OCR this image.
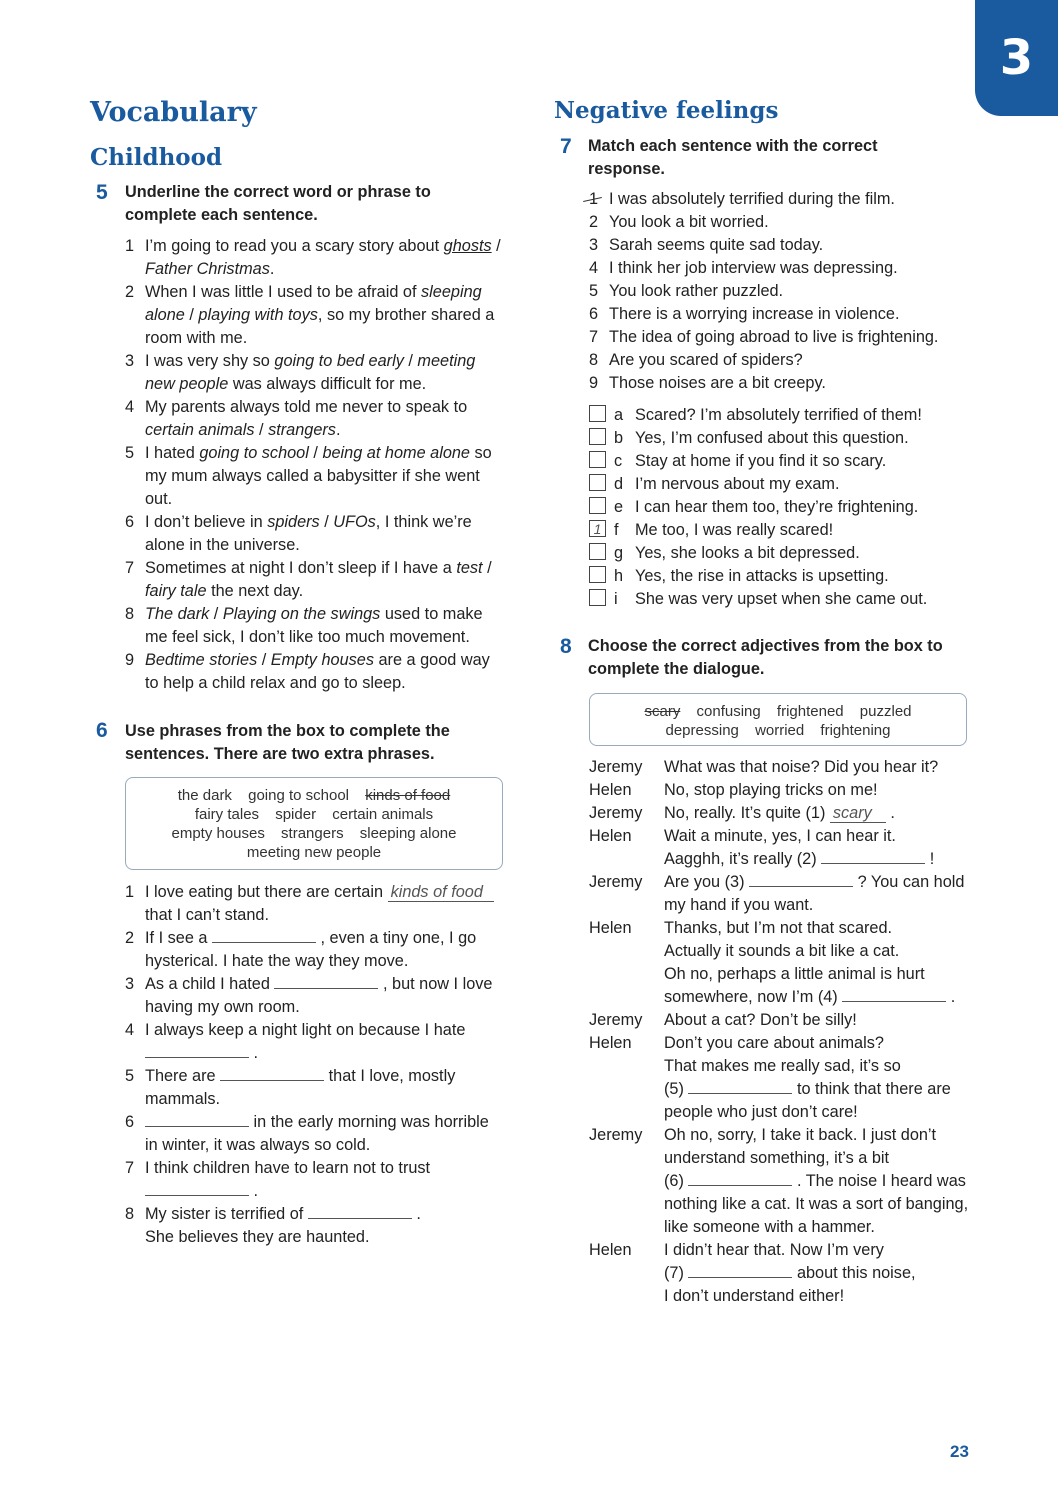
3
Vocabulary
Childhood
5 Underline the correct word or phrase to complete each sentence.

1 I’m going to read you a scary story about ghosts / Father Christmas.
2 When I was little I used to be afraid of sleeping alone / playing with toys, so my brother shared a room with me.
3 I was very shy so going to bed early / meeting new people was always difficult for me.
4 My parents always told me never to speak to certain animals / strangers.
5 I hated going to school / being at home alone so my mum always called a babysitter if she went out.
6 I don’t believe in spiders / UFOs, I think we’re alone in the universe.
7 Sometimes at night I don’t sleep if I have a test / fairy tale the next day.
8 The dark / Playing on the swings used to make me feel sick, I don’t like too much movement.
9 Bedtime stories / Empty houses are a good way to help a child relax and go to sleep.
6 Use phrases from the box to complete the sentences. There are two extra phrases.

the dark going to school kinds of food fairy tales spider certain animals empty houses strangers sleeping alone meeting new people
1 I love eating but there are certain kinds of food that I can’t stand.
2 If I see a	, even a tiny one, I go hysterical. I hate the way they move.
3 As a child I hated	, but now I love having my own room.
4 I always keep a night light on because I hate
.
5 There are	that I love, mostly mammals.
6	in the early morning was horrible in winter, it was always so cold.
7 I think children have to learn not to trust
.
8 My sister is terrified of	.
She believes they are haunted.
Negative feelings
7 Match each sentence with the correct response.

1 I was absolutely terrified during the film.
2 You look a bit worried.
3 Sarah seems quite sad today.
4 I think her job interview was depressing.
5 You look rather puzzled.
6 There is a worrying increase in violence.
7 The idea of going abroad to live is frightening.
8 Are you scared of spiders?
9 Those noises are a bit creepy.
a Scared? I’m absolutely terrified of them!
b Yes, I’m confused about this question.
c Stay at home if you find it so scary.
d I’m nervous about my exam.
e I can hear them too, they’re frightening.
1 f Me too, I was really scared!
g Yes, she looks a bit depressed.
h Yes, the rise in attacks is upsetting.
i She was very upset when she came out.
8 Choose the correct adjectives from the box to complete the dialogue.

scary confusing frightened puzzled depressing worried frightening
Jeremy	What was that noise? Did you hear it?
Helen	No, stop playing tricks on me!
Jeremy	No, really. It’s quite (1) scary .
Helen	Wait a minute, yes, I can hear it.
Aagghh, it’s really (2) !
Jeremy	Are you (3) ? You can hold my hand if you want.
Helen	Thanks, but I’m not that scared.
Actually it sounds a bit like a cat.
Oh no, perhaps a little animal is hurt somewhere, now I’m (4) .
Jeremy	About a cat? Don’t be silly!
Helen	Don’t you care about animals?
That makes me really sad, it’s so
(5) to think that there are people who just don’t care!
Jeremy	Oh no, sorry, I take it back. I just don’t understand something, it’s a bit
(6) . The noise I heard was nothing like a cat. It was a sort of banging, like someone with a hammer.
Helen	I didn’t hear that. Now I’m very
(7) about this noise,
I don’t understand either!
23
